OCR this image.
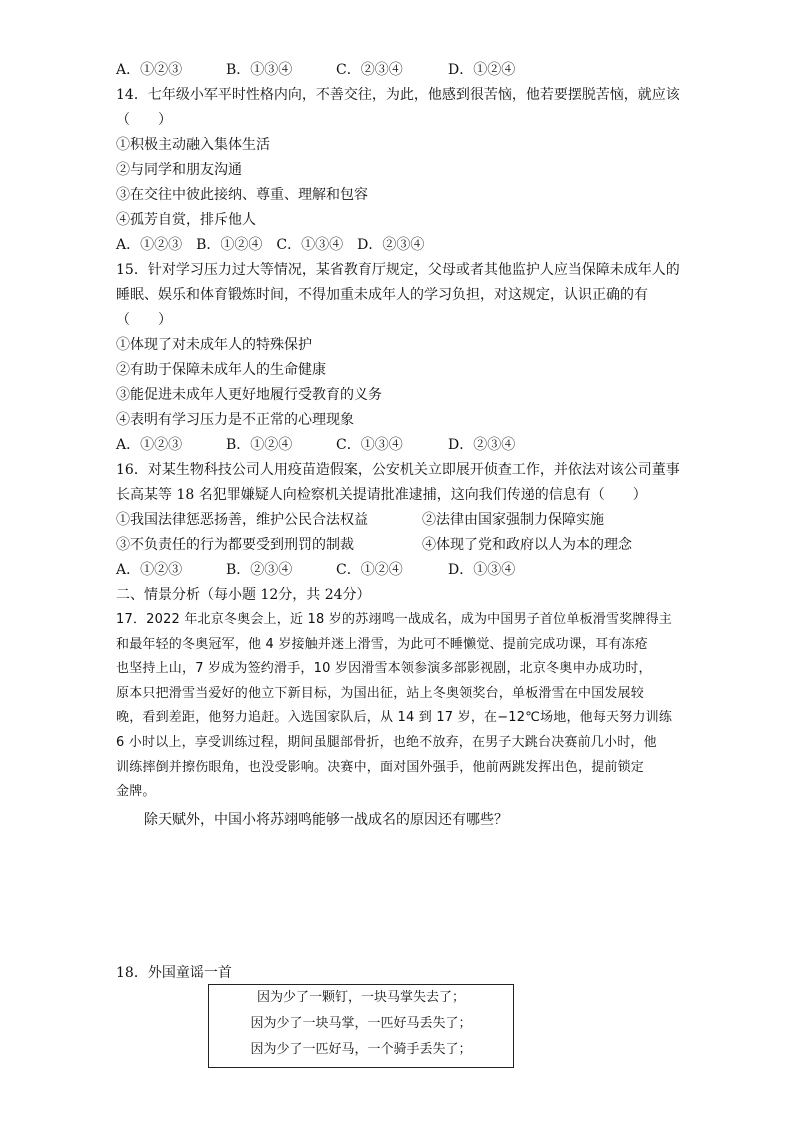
A．①②③	B．①③④	C．②③④	D．①②④
14．七年级小军平时性格内向，不善交往，为此，他感到很苦恼，他若要摆脱苦恼，就应该
（　　）
①积极主动融入集体生活
②与同学和朋友沟通
③在交往中彼此接纳、尊重、理解和包容
④孤芳自赏，排斥他人
A．①②③　B．①②④　C．①③④　D．②③④
15．针对学习压力过大等情况，某省教育厅规定，父母或者其他监护人应当保障未成年人的
睡眠、娱乐和体育锻炼时间，不得加重未成年人的学习负担，对这规定，认识正确的有
（　　）
①体现了对未成年人的特殊保护
②有助于保障未成年人的生命健康
③能促进未成年人更好地履行受教育的义务
④表明有学习压力是不正常的心理现象
A．①②③	B．①②④	C．①③④	D．②③④
16．对某生物科技公司人用疫苗造假案，公安机关立即展开侦查工作，并依法对该公司董事
长高某等 18 名犯罪嫌疑人向检察机关提请批准逮捕，这向我们传递的信息有（　　）
①我国法律惩恶扬善，维护公民合法权益	②法律由国家强制力保障实施
③不负责任的行为都要受到刑罚的制裁	④体现了党和政府以人为本的理念
A．①②③	B．②③④	C．①②④	D．①③④
二、情景分析（每小题 12分，共 24分）
17．2022 年北京冬奥会上，近 18 岁的苏翊鸣一战成名，成为中国男子首位单板滑雪奖牌得主
和最年轻的冬奥冠军，他 4 岁接触并迷上滑雪，为此可不睡懒觉、提前完成功课，耳有冻疮
也坚持上山，7 岁成为签约滑手，10 岁因滑雪本领参演多部影视剧，北京冬奥申办成功时，
原本只把滑雪当爱好的他立下新目标，为国出征，站上冬奥领奖台，单板滑雪在中国发展较
晚，看到差距，他努力追赶。入选国家队后，从 14 到 17 岁，在−12℃场地，他每天努力训练
6 小时以上，享受训练过程，期间虽腿部骨折，也绝不放弃，在男子大跳台决赛前几小时，他
训练摔倒并擦伤眼角，也没受影响。决赛中，面对国外强手，他前两跳发挥出色，提前锁定
金牌。
除天赋外，中国小将苏翊鸣能够一战成名的原因还有哪些？
18．外国童谣一首
因为少了一颗钉，一块马掌失去了；
因为少了一块马掌，一匹好马丢失了；
因为少了一匹好马，一个骑手丢失了；
